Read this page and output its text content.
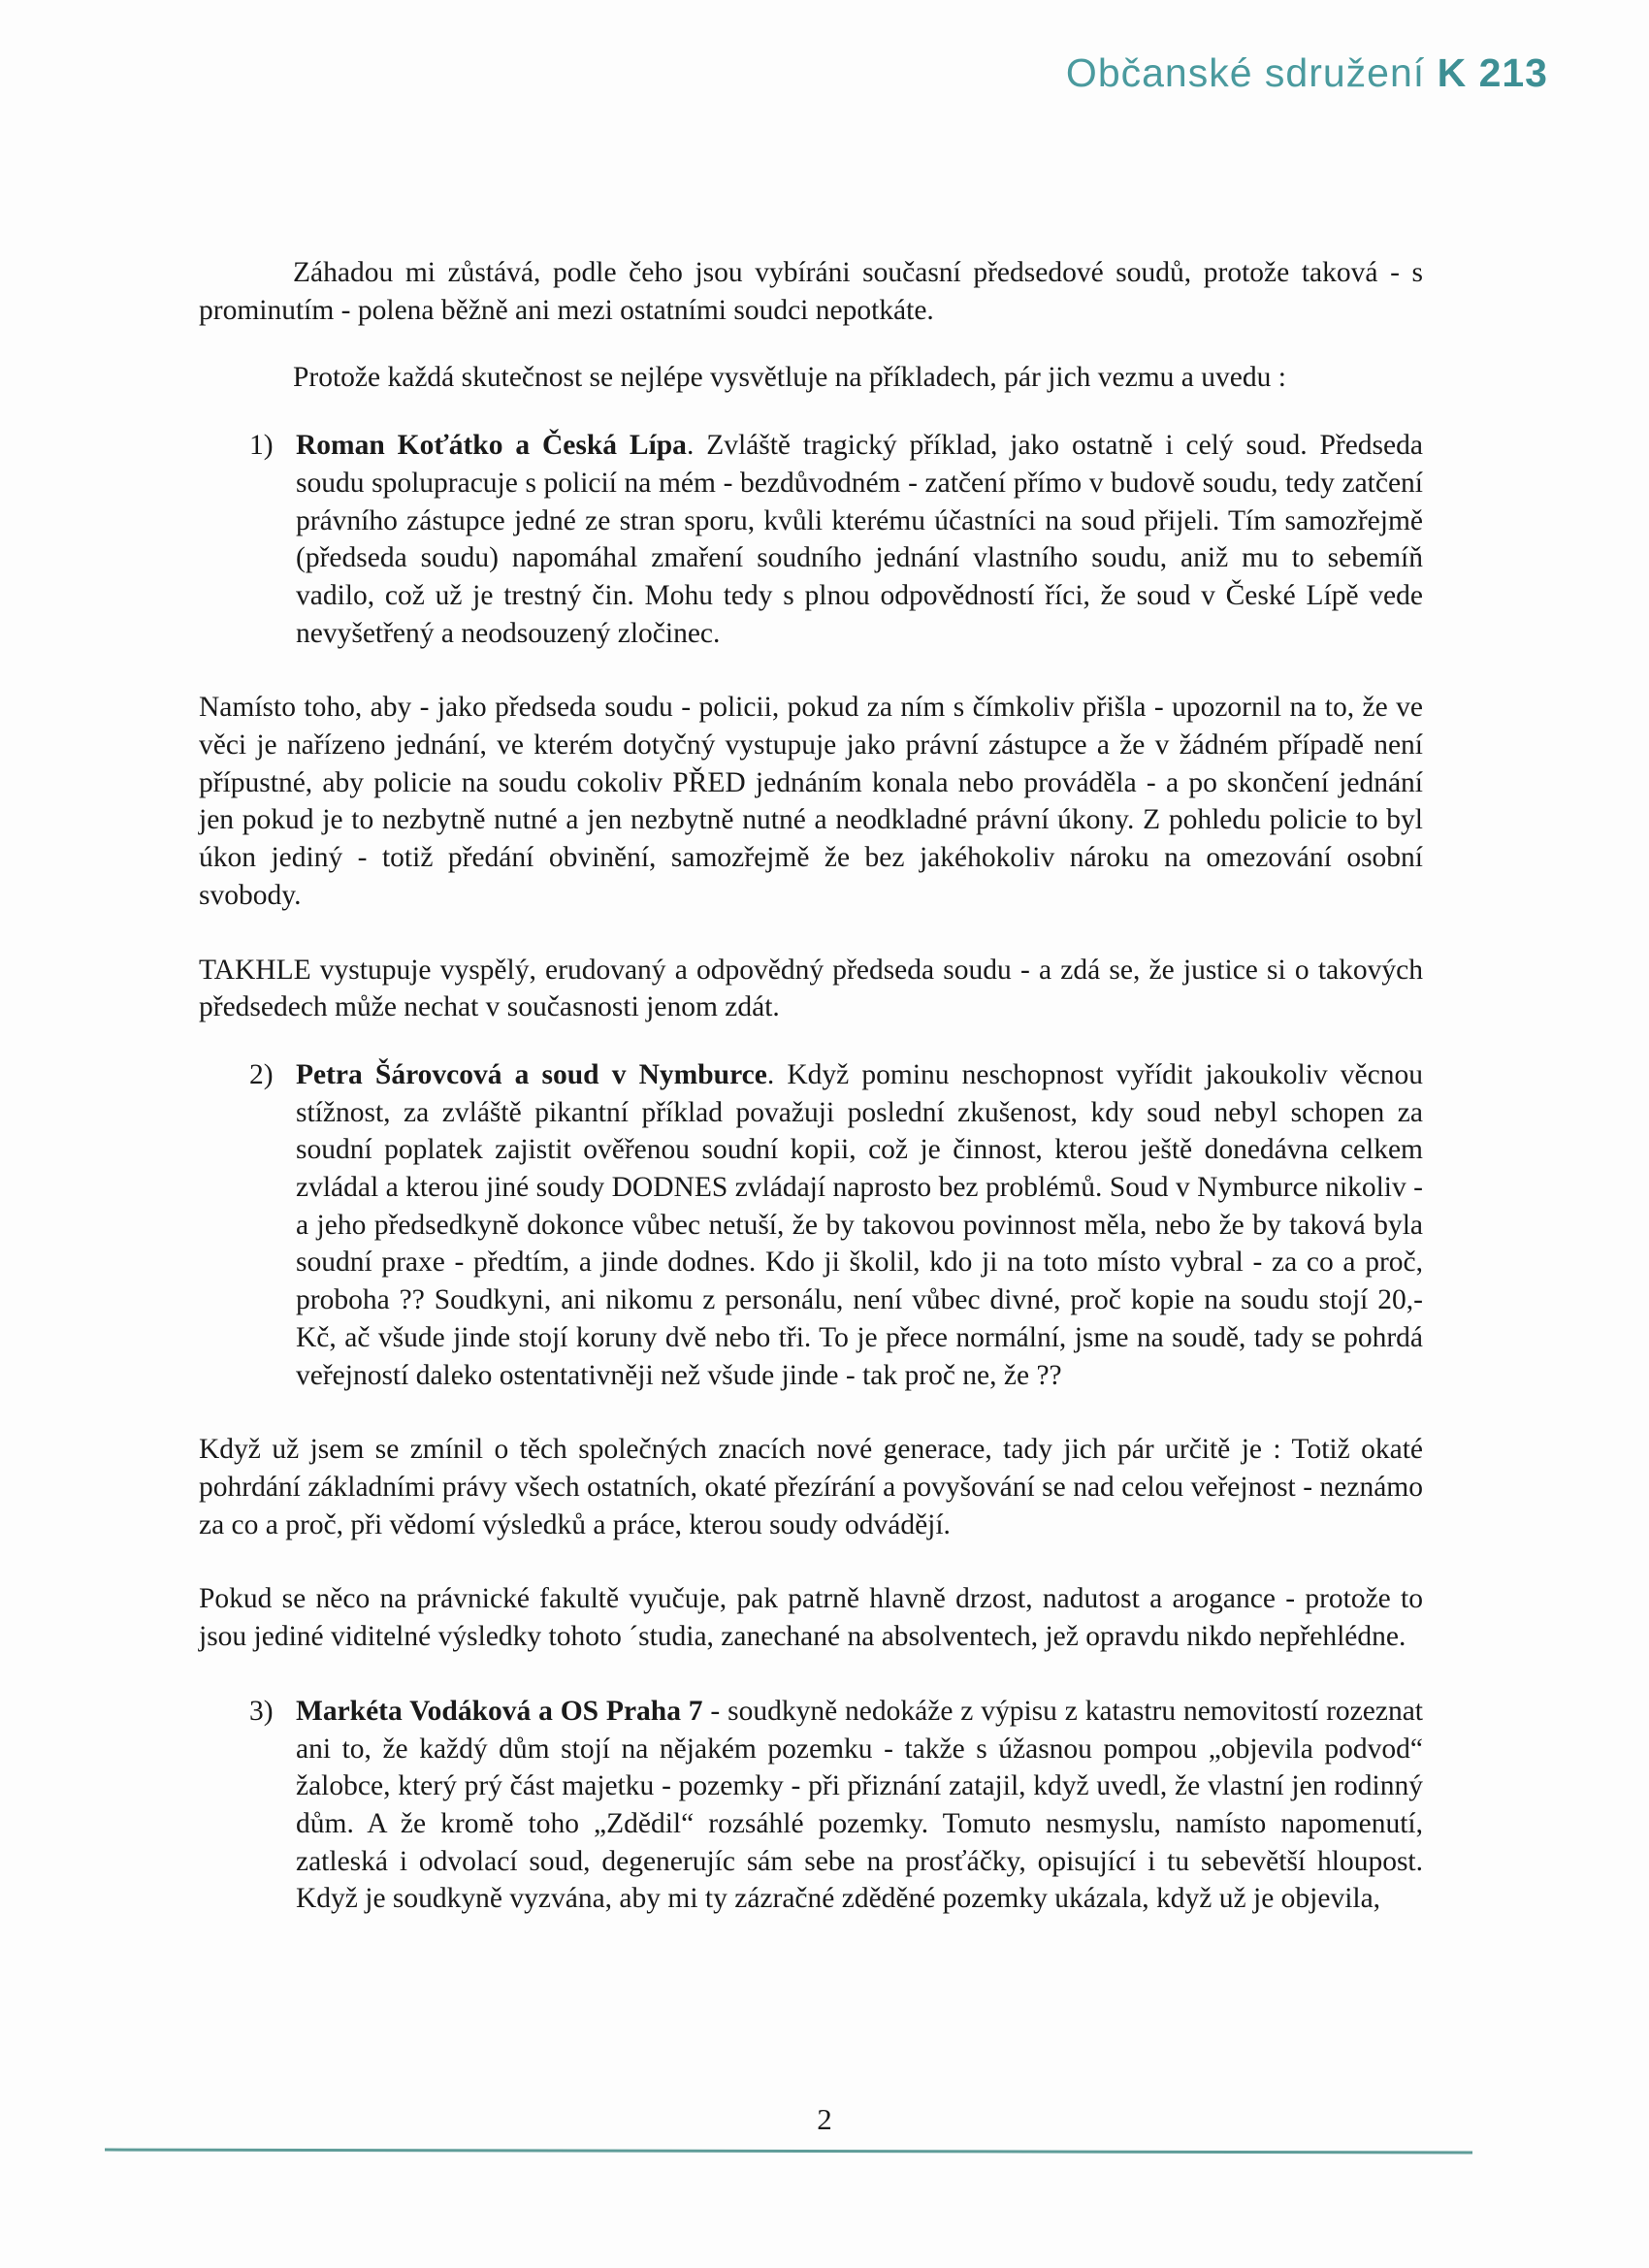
Občanské sdružení K 213

Záhadou mi zůstává, podle čeho jsou vybíráni současní předsedové soudů, protože taková - s prominutím - polena běžně ani mezi ostatními soudci nepotkáte.

Protože každá skutečnost se nejlépe vysvětluje na příkladech, pár jich vezmu a uvedu :

1) Roman Koťátko a Česká Lípa. Zvláště tragický příklad, jako ostatně i celý soud. Předseda soudu spolupracuje s policií na mém - bezdůvodném - zatčení přímo v budově soudu, tedy zatčení právního zástupce jedné ze stran sporu, kvůli kterému účastníci na soud přijeli. Tím samozřejmě (předseda soudu) napomáhal zmaření soudního jednání vlastního soudu, aniž mu to sebemíň vadilo, což už je trestný čin. Mohu tedy s plnou odpovědností říci, že soud v České Lípě vede nevyšetřený a neodsouzený zločinec.

Namísto toho, aby - jako předseda soudu - policii, pokud za ním s čímkoliv přišla - upozornil na to, že ve věci je nařízeno jednání, ve kterém dotyčný vystupuje jako právní zástupce a že v žádném případě není přípustné, aby policie na soudu cokoliv PŘED jednáním konala nebo prováděla - a po skončení jednání jen pokud je to nezbytně nutné a jen nezbytně nutné a neodkladné právní úkony. Z pohledu policie to byl úkon jediný - totiž předání obvinění, samozřejmě že bez jakéhokoliv nároku na omezování osobní svobody.

TAKHLE vystupuje vyspělý, erudovaný a odpovědný předseda soudu - a zdá se, že justice si o takových předsedech může nechat v současnosti jenom zdát.

2) Petra Šárovcová a soud v Nymburce. Když pominu neschopnost vyřídit jakoukoliv věcnou stížnost, za zvláště pikantní příklad považuji poslední zkušenost, kdy soud nebyl schopen za soudní poplatek zajistit ověřenou soudní kopii, což je činnost, kterou ještě donedávna celkem zvládal a kterou jiné soudy DODNES zvládají naprosto bez problémů. Soud v Nymburce nikoliv - a jeho předsedkyně dokonce vůbec netuší, že by takovou povinnost měla, nebo že by taková byla soudní praxe - předtím, a jinde dodnes. Kdo ji školil, kdo ji na toto místo vybral - za co a proč, proboha ?? Soudkyni, ani nikomu z personálu, není vůbec divné, proč kopie na soudu stojí 20,- Kč, ač všude jinde stojí koruny dvě nebo tři. To je přece normální, jsme na soudě, tady se pohrdá veřejností daleko ostentativněji než všude jinde - tak proč ne, že ??

Když už jsem se zmínil o těch společných znacích nové generace, tady jich pár určitě je : Totiž okaté pohrdání základními právy všech ostatních, okaté přezírání a povyšování se nad celou veřejnost - neznámo za co a proč, při vědomí výsledků a práce, kterou soudy odvádějí.

Pokud se něco na právnické fakultě vyučuje, pak patrně hlavně drzost, nadutost a arogance - protože to jsou jediné viditelné výsledky tohoto ´studia, zanechané na absolventech, jež opravdu nikdo nepřehlédne.

3) Markéta Vodáková a OS Praha 7 - soudkyně nedokáže z výpisu z katastru nemovitostí rozeznat ani to, že každý dům stojí na nějakém pozemku - takže s úžasnou pompou „objevila podvod“ žalobce, který prý část majetku - pozemky - při přiznání zatajil, když uvedl, že vlastní jen rodinný dům. A že kromě toho „Zdědil“ rozsáhlé pozemky. Tomuto nesmyslu, namísto napomenutí, zatleská i odvolací soud, degenerujíc sám sebe na prosťáčky, opisující i tu sebevětší hloupost. Když je soudkyně vyzvána, aby mi ty zázračné zděděné pozemky ukázala, když už je objevila,
2
